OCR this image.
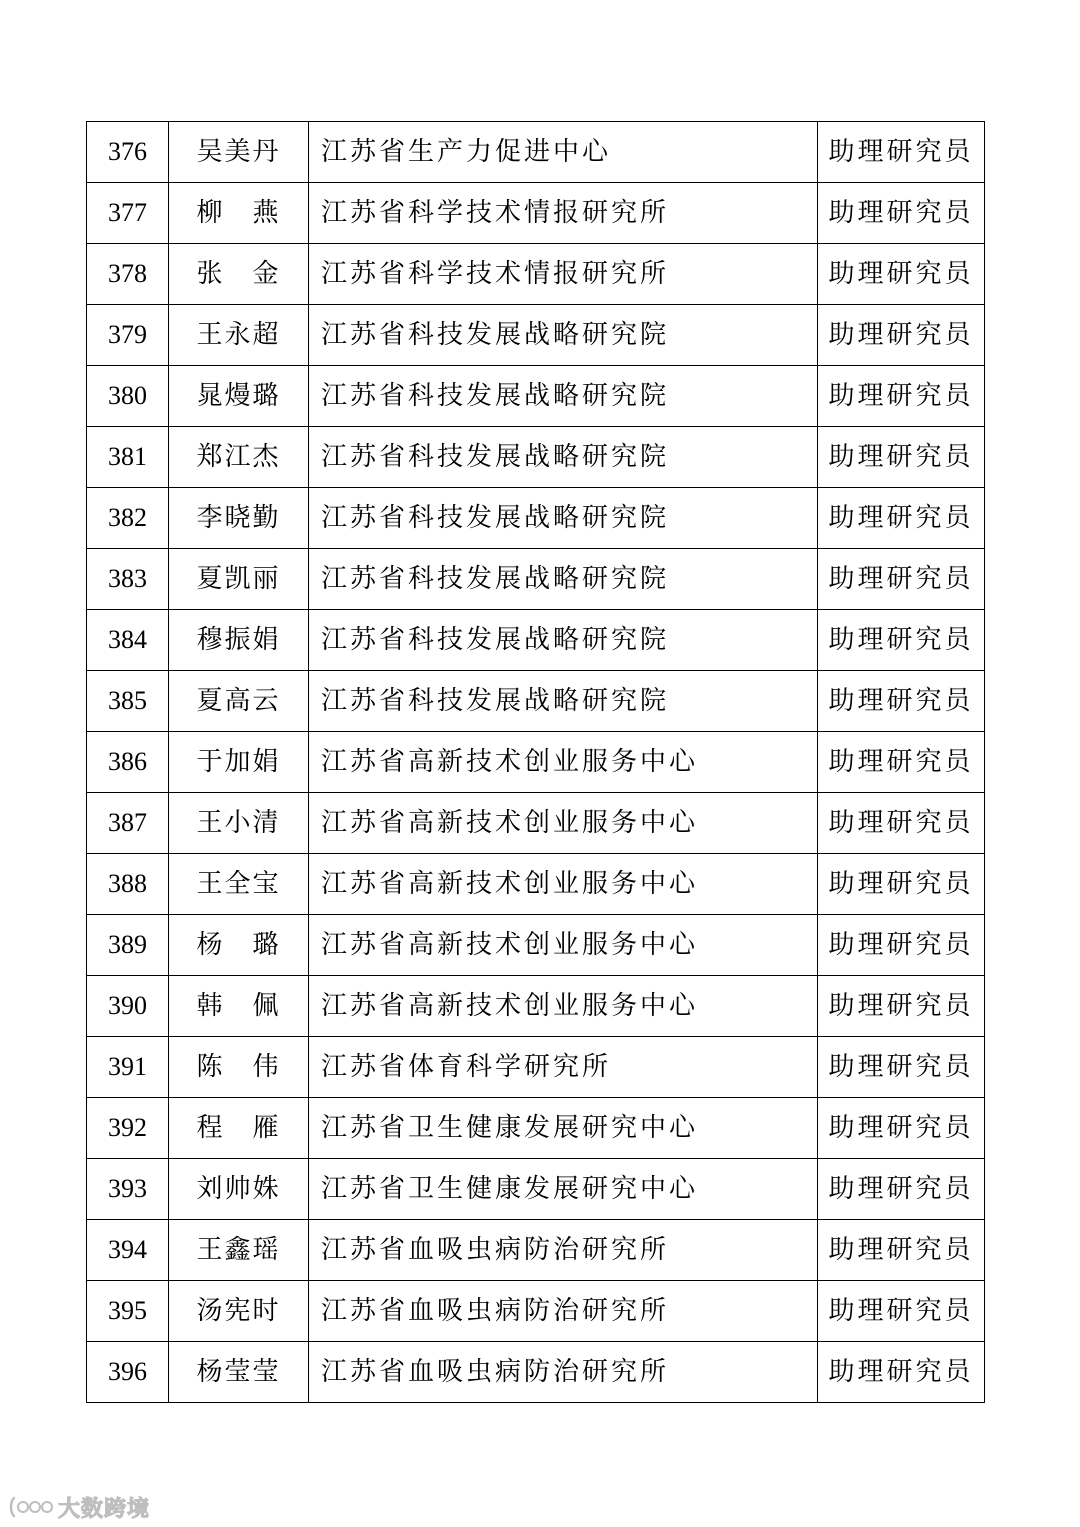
376	吴美丹	江苏省生产力促进中心	助理研究员
377	柳　燕	江苏省科学技术情报研究所	助理研究员
378	张　金	江苏省科学技术情报研究所	助理研究员
379	王永超	江苏省科技发展战略研究院	助理研究员
380	晁熳璐	江苏省科技发展战略研究院	助理研究员
381	郑江杰	江苏省科技发展战略研究院	助理研究员
382	李晓勤	江苏省科技发展战略研究院	助理研究员
383	夏凯丽	江苏省科技发展战略研究院	助理研究员
384	穆振娟	江苏省科技发展战略研究院	助理研究员
385	夏高云	江苏省科技发展战略研究院	助理研究员
386	于加娟	江苏省高新技术创业服务中心	助理研究员
387	王小清	江苏省高新技术创业服务中心	助理研究员
388	王全宝	江苏省高新技术创业服务中心	助理研究员
389	杨　璐	江苏省高新技术创业服务中心	助理研究员
390	韩　佩	江苏省高新技术创业服务中心	助理研究员
391	陈　伟	江苏省体育科学研究所	助理研究员
392	程　雁	江苏省卫生健康发展研究中心	助理研究员
393	刘帅姝	江苏省卫生健康发展研究中心	助理研究员
394	王鑫瑶	江苏省血吸虫病防治研究所	助理研究员
395	汤宪时	江苏省血吸虫病防治研究所	助理研究员
396	杨莹莹	江苏省血吸虫病防治研究所	助理研究员
大数跨境
